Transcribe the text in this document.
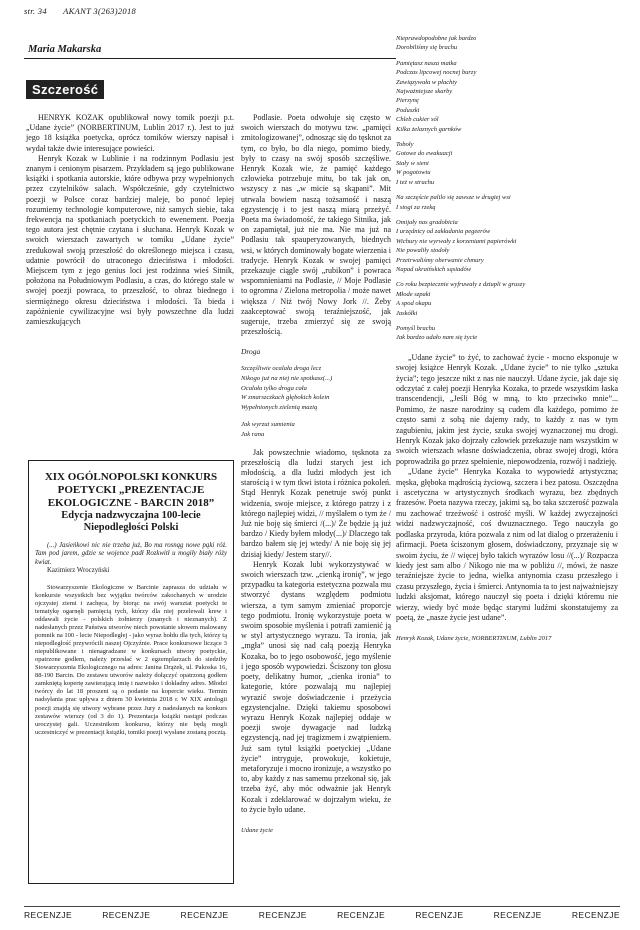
str. 34 AKANT 3(263)2018
Maria Makarska
Szczerość

HENRYK KOZAK opublikował nowy tomik poezji p.t. „Udane życie” (NORBERTINUM, Lublin 2017 r.). Jest to już jego 18 książka poetycka, oprócz tomików wierszy napisał i wydał także dwie interesujące powieści.

Henryk Kozak w Lublinie i na rodzinnym Podlasiu jest znanym i cenionym pisarzem. Przykładem są jego publikowane książki i spotkania autorskie, które odbywa przy wypełnionych przez czytelników salach. Współcześnie, gdy czytelnictwo poezji w Polsce coraz bardziej maleje, bo ponoć lepiej rozumiemy technologie komputerowe, niż samych siebie, taka frekwencja na spotkaniach poetyckich to ewenement. Poezja tego autora jest chętnie czytana i słuchana. Henryk Kozak w swoich wierszach zawartych w tomiku „Udane życie” zredukował swoją przeszłość do określonego miejsca i czasu, udatnie powrócił do utraconego dzieciństwa i młodości. Miejscem tym z jego genius loci jest rodzinna wieś Sitnik, położona na Południowym Podlasiu, a czas, do którego stale w swojej poezji powraca, to przeszłość, to obraz biednego i siermiężnego okresu dzieciństwa i młodości. Ta bieda i zapóźnienie cywilizacyjne wsi były powszechne dla ludzi zamieszkujących

XIX OGÓLNOPOLSKI KONKURS POETYCKI „PREZENTACJE EKOLOGICZNE - BARCIN 2018”
Edycja nadzwyczajna 100-lecie Niepodległości Polski

(...) Jasieńkowi nic nie trzeba już, Bo ma rosnąg nowe pąki róż. Tam pod jarem, gdzie se wojence padł Rozkwitł u mogiły biały róży kwiat.

Kazimierz Wroczyński

Stowarzyszenie Ekologiczne w Barcinie zaprasza do udziału w konkursie wszystkich bez wyjątku twórców zakochanych w urodzie ojczystej ziemi i zachęca, by biorąc na swój warsztat poetycki te tematykę ogarnęli pamięcią tych, którzy dla niej przelewali krew i oddawali życie - polskich żołnierzy (znanych i nieznanych). Z nadesłanych przez Państwa utworów niech powstanie słowem malowany pomnik na 100 - lecie Niepodległej - jako wyraz hołdu dla tych, którzy tą niepodległość przywrócili naszej Ojczyźnie. Prace konkursowe liczące 3 niepublikowane i nienagradzane w konkursach utwory poetyckie, opatrzone godłem, należy przesłać w 2 egzemplarzach do siedziby Stowarzyszenia Ekologicznego na adres: Janina Drążek, ul. Pakoska 16, 88-190 Barcin. Do zestawu utworów należy dołączyć opatrzoną godłem zamkniętą kopertę zawierającą imię i nazwisko i dokładny adres. Młodzi twórcy do lat 18 proszeni są o podanie na kopercie wieku. Termin nadsyłania prac upływa z dniem 30 kwietnia 2018 r. W XIX antologii poezji znajdą się utwory wybrane przez Jury z nadesłanych na konkurs zestawów wierszy (od 3 do 1). Prezentacja książki nastąpi podczas uroczystej gali. Uczestnikom konkursu, którzy nie będą mogli uczestniczyć w prezentacji książki, tomiki poezji wysłane zostaną pocztą.

Podlasie. Poeta odwołuje się często w swoich wierszach do motywu tzw. „pamięci zmitologizowanej”, odnosząc się do tęsknot za tym, co było, bo dla niego, pomimo biedy, były to czasy na swój sposób szczęśliwe. Henryk Kozak wie, że pamięć każdego człowieka potrzebuje mitu, bo tak jak on, wszyscy z nas „w micie są skąpani”. Mit utrwala bowiem naszą tożsamość i naszą egzystencję i to jest naszą miarą przeżyć. Poeta ma świadomość, że takiego Sitnika, jak on zapamiętał, już nie ma. Nie ma już na Podlasiu tak spauperyzowanych, biednych wsi, w których dominowały bogate wierzenia i tradycje. Henryk Kozak w swojej pamięci przekazuje ciągle swój „rubikon” i powraca wspomnieniami na Podlasie, // Moje Podlasie to ogromna / Zielona metropolia / może nawet większa / Niż twój Nowy Jork //. Żeby zaakceptować swoją teraźniejszość, jak sugeruje, trzeba zmierzyć się ze swoją przeszłością.

Droga
Szczęśliwie ocalała droga lecz
Nikogo już na niej nie spotkasz(...)
Ocalała tylko droga cała
W zmarszczkach głębokich kolein
Wypełnionych zielenią mazią
Jak wyrzut sumienia
Jak rana

Jak powszechnie wiadomo, tęsknota za przeszłością dla ludzi starych jest ich młodością, a dla ludzi młodych jest ich starością i w tym tkwi istota i różnica pokoleń. Stąd Henryk Kozak penetruje swój punkt widzenia, swoje miejsce, z którego patrzy i z którego najlepiej widzi, // myślałem o tym że / Już nie boję się śmierci /(...)/ Że będzie ją już bardzo / Kiedy byłem młody(...)/ Dlaczego tak bardzo bałem się jej wtedy/ A nie boję się jej dzisiaj kiedy/ Jestem stary//.

Henryk Kozak lubi wykorzystywać w swoich wierszach tzw. „cienką ironię”, w jego przypadku ta kategoria estetyczna pozwala mu stworzyć dystans względem podmiotu wiersza, a tym samym zmieniać proporcje tego podmiotu. Ironię wykorzystuje poeta w swoim sposobie myślenia i potrafi zamienić ją w styl artystycznego wyrazu. Ta ironia, jak „mgła” unosi się nad całą poezją Henryka Kozaka, bo to jego osobowość, jego myślenie i jego sposób wypowiedzi. Ściszony ton głosu poety, delikatny humor, „cienka ironia” to kategorie, które pozwalają mu najlepiej wyrazić swoje doświadczenie i przeżycia egzystencjalne. Dzięki takiemu sposobowi wyrazu Henryk Kozak najlepiej oddaje w poezji swoje dywagacje nad ludzką egzystencją, nad jej tragizmem i zwątpieniem. Już sam tytuł książki poetyckiej „Udane życie” intryguje, prowokuje, kokietuje, metaforyzuje i mocno ironizuje, a wszystko po to, aby każdy z nas samemu przekonał się, jak trzeba żyć, aby móc odważnie jak Henryk Kozak i zdeklarować w dojrzałym wieku, że to życie było udane.

Udane życie
Nieprawdopodobne jak bardzo
Dorobiliśmy się brachu
Pamiętasz nasza matka
Podczas lipcowej nocnej burzy
Zawiązywała w płachty
Najważniejsze skarby
Pierzynę
Poduszki
Chleb cukier sól
Kilka żelaznych garnków
Toboły
Gotowe do ewakuacji
Stały w sieni
W pogotowiu
I też w strachu
Na szczęście palilo się zawsze w drugiej wsi
I stogi za rzeką
Omijały nas gradobicia
I urzędnicy od zakładania pegeerów
Wichury nie wyrwały z korzeniami papierówki
Nie powaliły stodoły
Przetrwaliśmy oberwanie chmury
Napad ukraińskich sąsiadów
Co roku bezpiecznie wyfruwały z dziupli w gruszy
Młode szpaki
A spod okapu
Jaskółki
Pomyśl brachu
Jak bardzo udało nam się życie

„Udane życie” to żyć, to zachować życie - mocno eksponuje w swojej książce Henryk Kozak. „Udane życie” to nie tylko „sztuka życia”; tego jeszcze nikt z nas nie nauczył. Udane życie, jak daje się odczytać z całej poezji Henryka Kozaka, to przede wszystkim łaska transcendencji, „Jeśli Bóg w mną, to kto przeciwko mnie”... Pomimo, że nasze narodziny są cudem dla każdego, pomimo że często sami z sobą nie dajemy rady, to każdy z nas w tym zagubieniu, jakim jest życie, szuka swojej wyznaczonej mu drogi. Henryk Kozak jako dojrzały człowiek przekazuje nam wszystkim w swoich wierszach własne doświadczenia, obraz swojej drogi, która poprowadziła go przez spełnienie, niepowodzenia, rozwój i nadzieję.

„Udane życie” Henryka Kozaka to wypowiedź artystyczna; męska, głęboka mądrością życiową, szczera i bez patosu. Oszczędna i ascetyczna w artystycznych środkach wyrazu, bez zbędnych frazesów. Poeta nazywa rzeczy, jakimi są, bo taka szczerość pozwala mu zachować trzeźwość i ostrość myśli. W każdej zwyczajności widzi nadzwyczajność, coś dwuznacznego. Tego nauczyła go podlaska przyroda, która pozwala z nim od lat dialog o przerażeniu i afirmacji. Poeta ściszonym głosem, doświadczony, przyznaje się w swoim życiu, że // więcej było takich wyrazów losu //(...)/ Rozpacza kiedy jest sam albo / Nikogo nie ma w pobliżu //, mówi, że nasze teraźniejsze życie to jedna, wielka antynomia czasu przeszłego i czasu przyszłego, życia i śmierci. Antynomia ta to jest najważniejszy ludzki aksjomat, którego nauczył się poeta i dzięki któremu nie wierzy, wiedy być może będąc starymi ludźmi skonstatujemy za poetą, że „nasze życie jest udane”.

Henryk Kozak, Udane życie, NORBERTINUM, Lublin 2017
RECENZJE	RECENZJE	RECENZJE	RECENZJE	RECENZJE	RECENZJE	RECENZJE	RECENZJE
